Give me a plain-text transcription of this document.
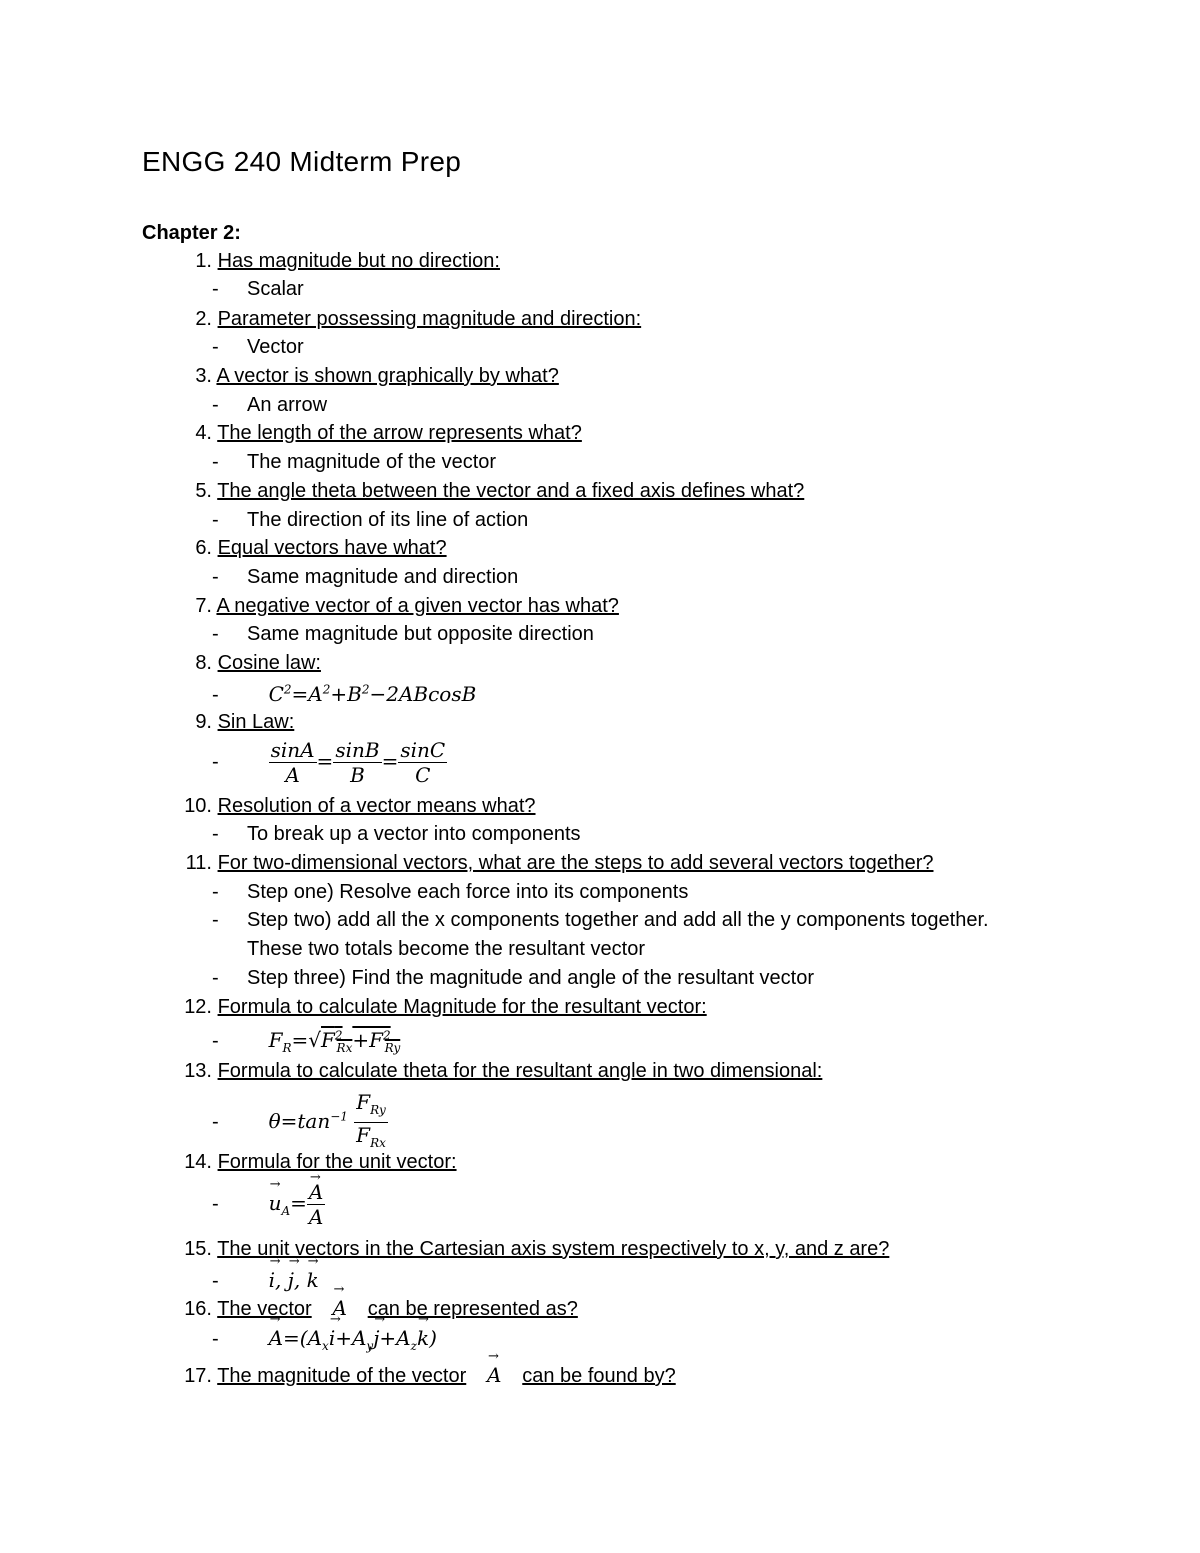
ENGG 240 Midterm Prep
Chapter 2:
1. Has magnitude but no direction:
- Scalar
2. Parameter possessing magnitude and direction:
- Vector
3. A vector is shown graphically by what?
- An arrow
4. The length of the arrow represents what?
- The magnitude of the vector
5. The angle theta between the vector and a fixed axis defines what?
- The direction of its line of action
6. Equal vectors have what?
- Same magnitude and direction
7. A negative vector of a given vector has what?
- Same magnitude but opposite direction
8. Cosine law:
- $C^2=A^2+B^2-2ABcosB$
9. Sin Law:
- $\frac{\sin A}{A} = \frac{\sin B}{B} = \frac{\sin C}{C}$
10. Resolution of a vector means what?
- To break up a vector into components
11. For two-dimensional vectors, what are the steps to add several vectors together?
- Step one) Resolve each force into its components
- Step two) add all the x components together and add all the y components together.
These two totals become the resultant vector
- Step three) Find the magnitude and angle of the resultant vector
12. Formula to calculate Magnitude for the resultant vector:
- $F_R=√F^2_{Rx}+F^2_{Ry}$
13. Formula to calculate theta for the resultant angle in two dimensional:
- $\theta=\tan^{-1} \frac{F_{Ry}}{F_{Rx}}$
14. Formula for the unit vector:
- → $u_A= \to \frac{A}{A}$
15. The unit vectors in the Cartesian axis system respectively to x, y, and z are?
- → i, → j, → k
16. The vector → A can be represented as?
- → $A=(A_x\to i+A_y\to j+A_z\to k)$
17. The magnitude of the vector → A can be found by?
